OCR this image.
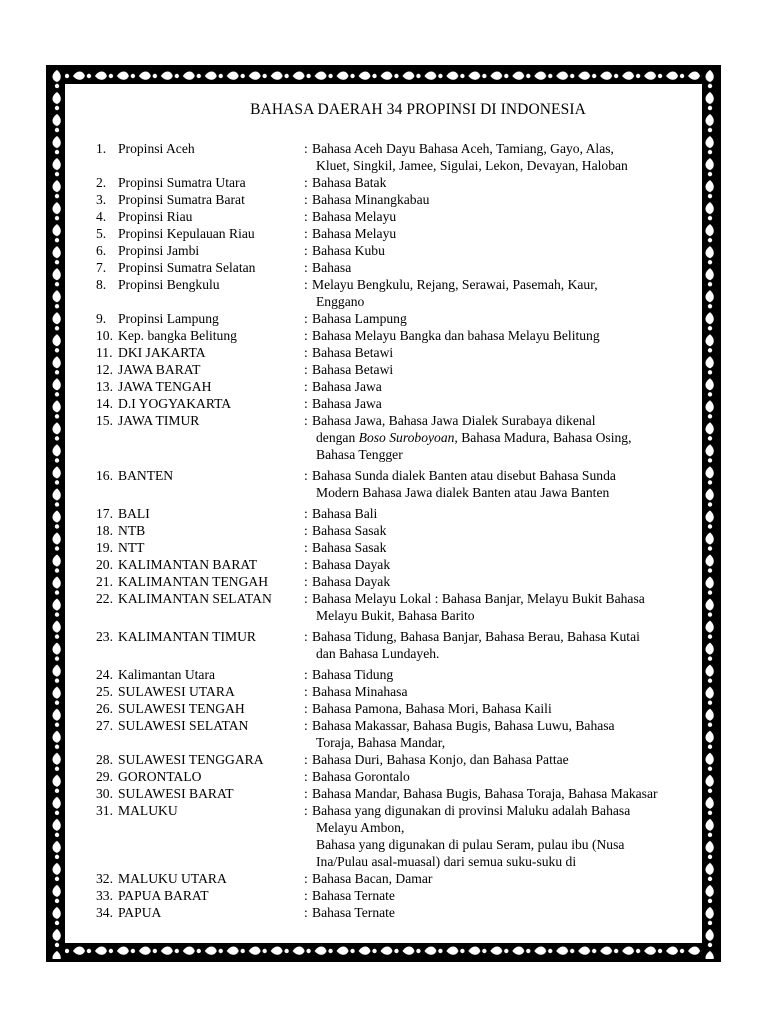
BAHASA DAERAH 34 PROPINSI DI INDONESIA
1. Propinsi Aceh	: Bahasa Aceh Dayu Bahasa Aceh, Tamiang, Gayo, Alas,
Kluet, Singkil, Jamee, Sigulai, Lekon, Devayan, Haloban
2. Propinsi Sumatra Utara	: Bahasa Batak
3. Propinsi Sumatra Barat	: Bahasa Minangkabau
4. Propinsi Riau	: Bahasa Melayu
5. Propinsi Kepulauan Riau	: Bahasa Melayu
6. Propinsi Jambi	: Bahasa Kubu
7. Propinsi Sumatra Selatan	: Bahasa
8. Propinsi Bengkulu	: Melayu Bengkulu, Rejang, Serawai, Pasemah, Kaur,
Enggano
9. Propinsi Lampung	: Bahasa Lampung
10. Kep. bangka Belitung	: Bahasa Melayu Bangka dan bahasa Melayu Belitung
11. DKI JAKARTA	: Bahasa Betawi
12. JAWA BARAT	: Bahasa Betawi
13. JAWA TENGAH	: Bahasa Jawa
14. D.I YOGYAKARTA	: Bahasa Jawa
15. JAWA TIMUR	: Bahasa Jawa, Bahasa Jawa Dialek Surabaya dikenal
dengan Boso Suroboyoan, Bahasa Madura, Bahasa Osing,
Bahasa Tengger
16. BANTEN	: Bahasa Sunda dialek Banten atau disebut Bahasa Sunda
Modern Bahasa Jawa dialek Banten atau Jawa Banten
17. BALI	: Bahasa Bali
18. NTB	: Bahasa Sasak
19. NTT	: Bahasa Sasak
20. KALIMANTAN BARAT	: Bahasa Dayak
21. KALIMANTAN TENGAH	: Bahasa Dayak
22. KALIMANTAN SELATAN	: Bahasa Melayu Lokal : Bahasa Banjar, Melayu Bukit Bahasa
Melayu Bukit, Bahasa Barito
23. KALIMANTAN TIMUR	: Bahasa Tidung, Bahasa Banjar, Bahasa Berau, Bahasa Kutai
dan Bahasa Lundayeh.
24. Kalimantan Utara	: Bahasa Tidung
25. SULAWESI UTARA	: Bahasa Minahasa
26. SULAWESI TENGAH	: Bahasa Pamona, Bahasa Mori, Bahasa Kaili
27. SULAWESI SELATAN	: Bahasa Makassar, Bahasa Bugis, Bahasa Luwu, Bahasa
Toraja, Bahasa Mandar,
28. SULAWESI TENGGARA	: Bahasa Duri, Bahasa Konjo, dan Bahasa Pattae
29. GORONTALO	: Bahasa Gorontalo
30. SULAWESI BARAT	: Bahasa Mandar, Bahasa Bugis, Bahasa Toraja, Bahasa Makasar
31. MALUKU	: Bahasa yang digunakan di provinsi Maluku adalah Bahasa
Melayu Ambon,
Bahasa yang digunakan di pulau Seram, pulau ibu (Nusa
Ina/Pulau asal-muasal) dari semua suku-suku di
32. MALUKU UTARA	: Bahasa Bacan, Damar
33. PAPUA BARAT	: Bahasa Ternate
34. PAPUA	: Bahasa Ternate
